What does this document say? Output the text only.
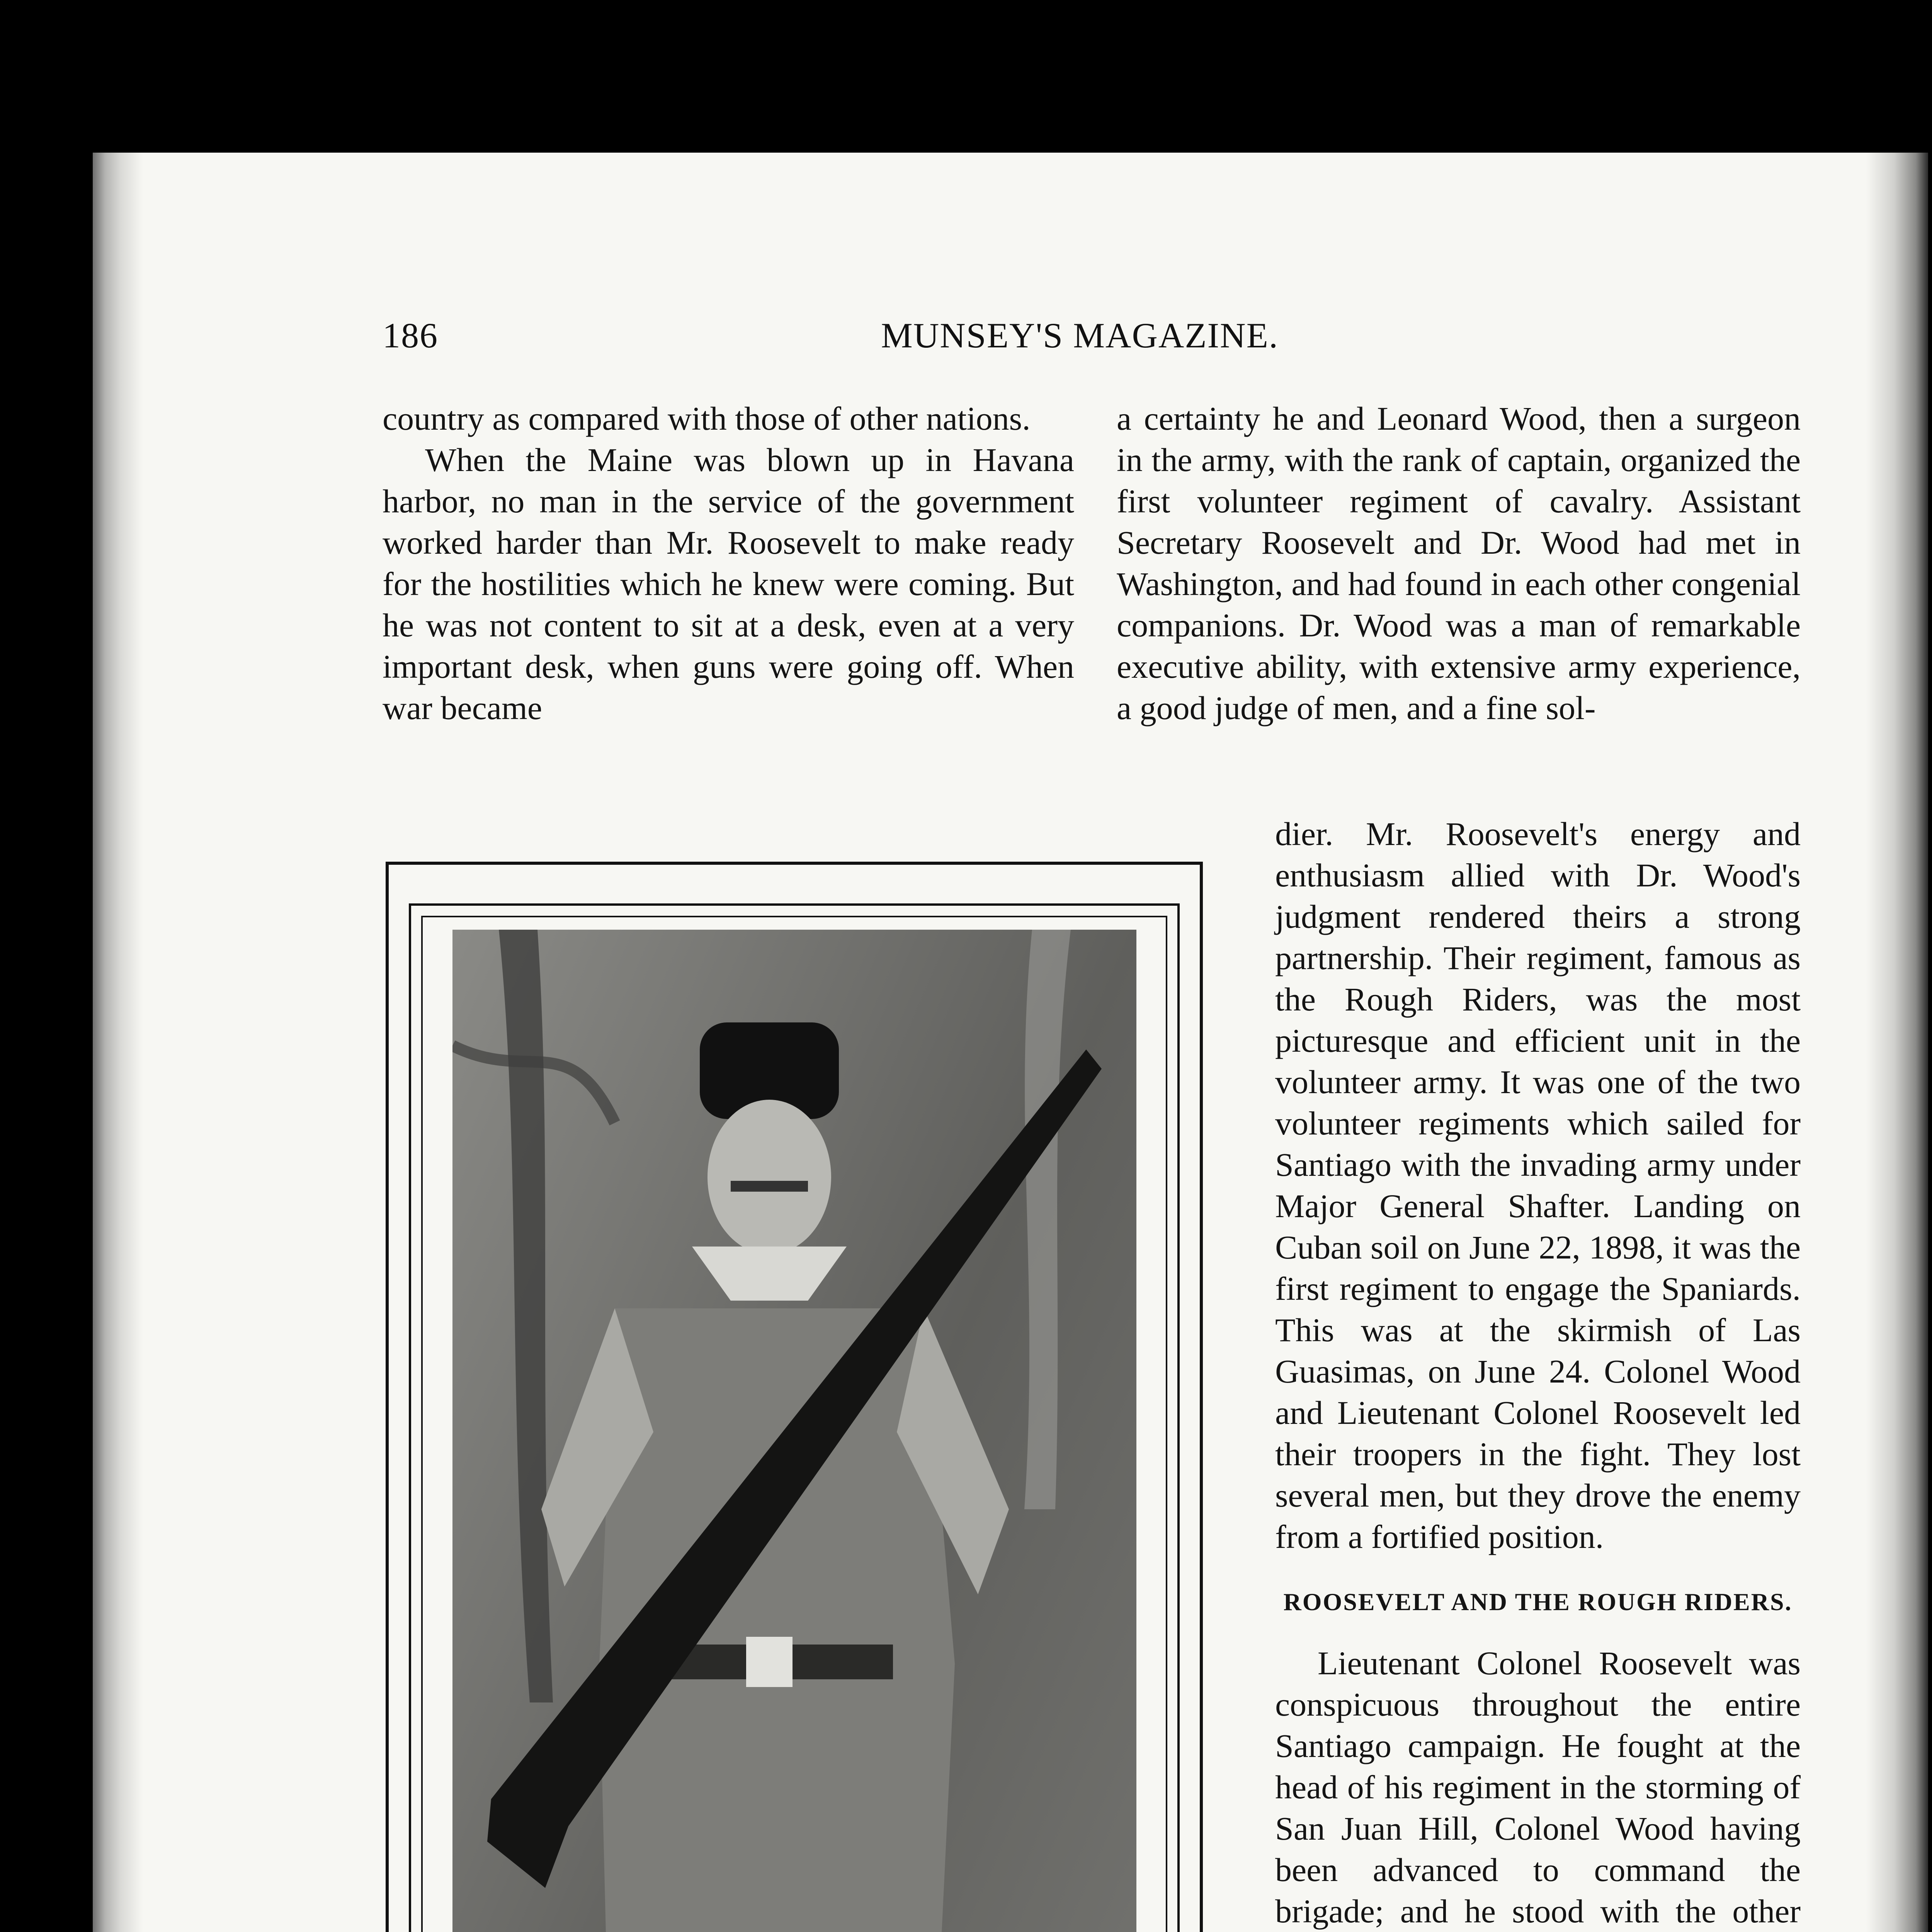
186	MUNSEY'S MAGAZINE.

country as compared with those of other nations.

When the Maine was blown up in Havana harbor, no man in the service of the government worked harder than Mr. Roosevelt to make ready for the hostilities which he knew were coming. But he was not content to sit at a desk, even at a very important desk, when guns were going off. When war became

a certainty he and Leonard Wood, then a surgeon in the army, with the rank of captain, organized the first volunteer regiment of cavalry. Assistant Secretary Roosevelt and Dr. Wood had met in Washington, and had found in each other congenial companions. Dr. Wood was a man of remarkable executive ability, with extensive army experience, a good judge of men, and a fine sol-

dier. Mr. Roosevelt's energy and enthusiasm allied with Dr. Wood's judgment rendered theirs a strong partnership. Their regiment, famous as the Rough Riders, was the most picturesque and efficient unit in the volunteer army. It was one of the two volunteer regiments which sailed for Santiago with the invading army under Major General Shafter. Landing on Cuban soil on June 22, 1898, it was the first regiment to engage the Spaniards. This was at the skirmish of Las Guasimas, on June 24. Colonel Wood and Lieutenant Colonel Roosevelt led their troopers in the fight. They lost several men, but they drove the enemy from a fortified position.

ROOSEVELT AND THE ROUGH RIDERS.

Lieutenant Colonel Roosevelt was conspicuous throughout the entire Santiago campaign. He fought at the head of his regiment in the storming of San Juan Hill, Colonel Wood having been advanced to command the brigade; and he stood with the other
